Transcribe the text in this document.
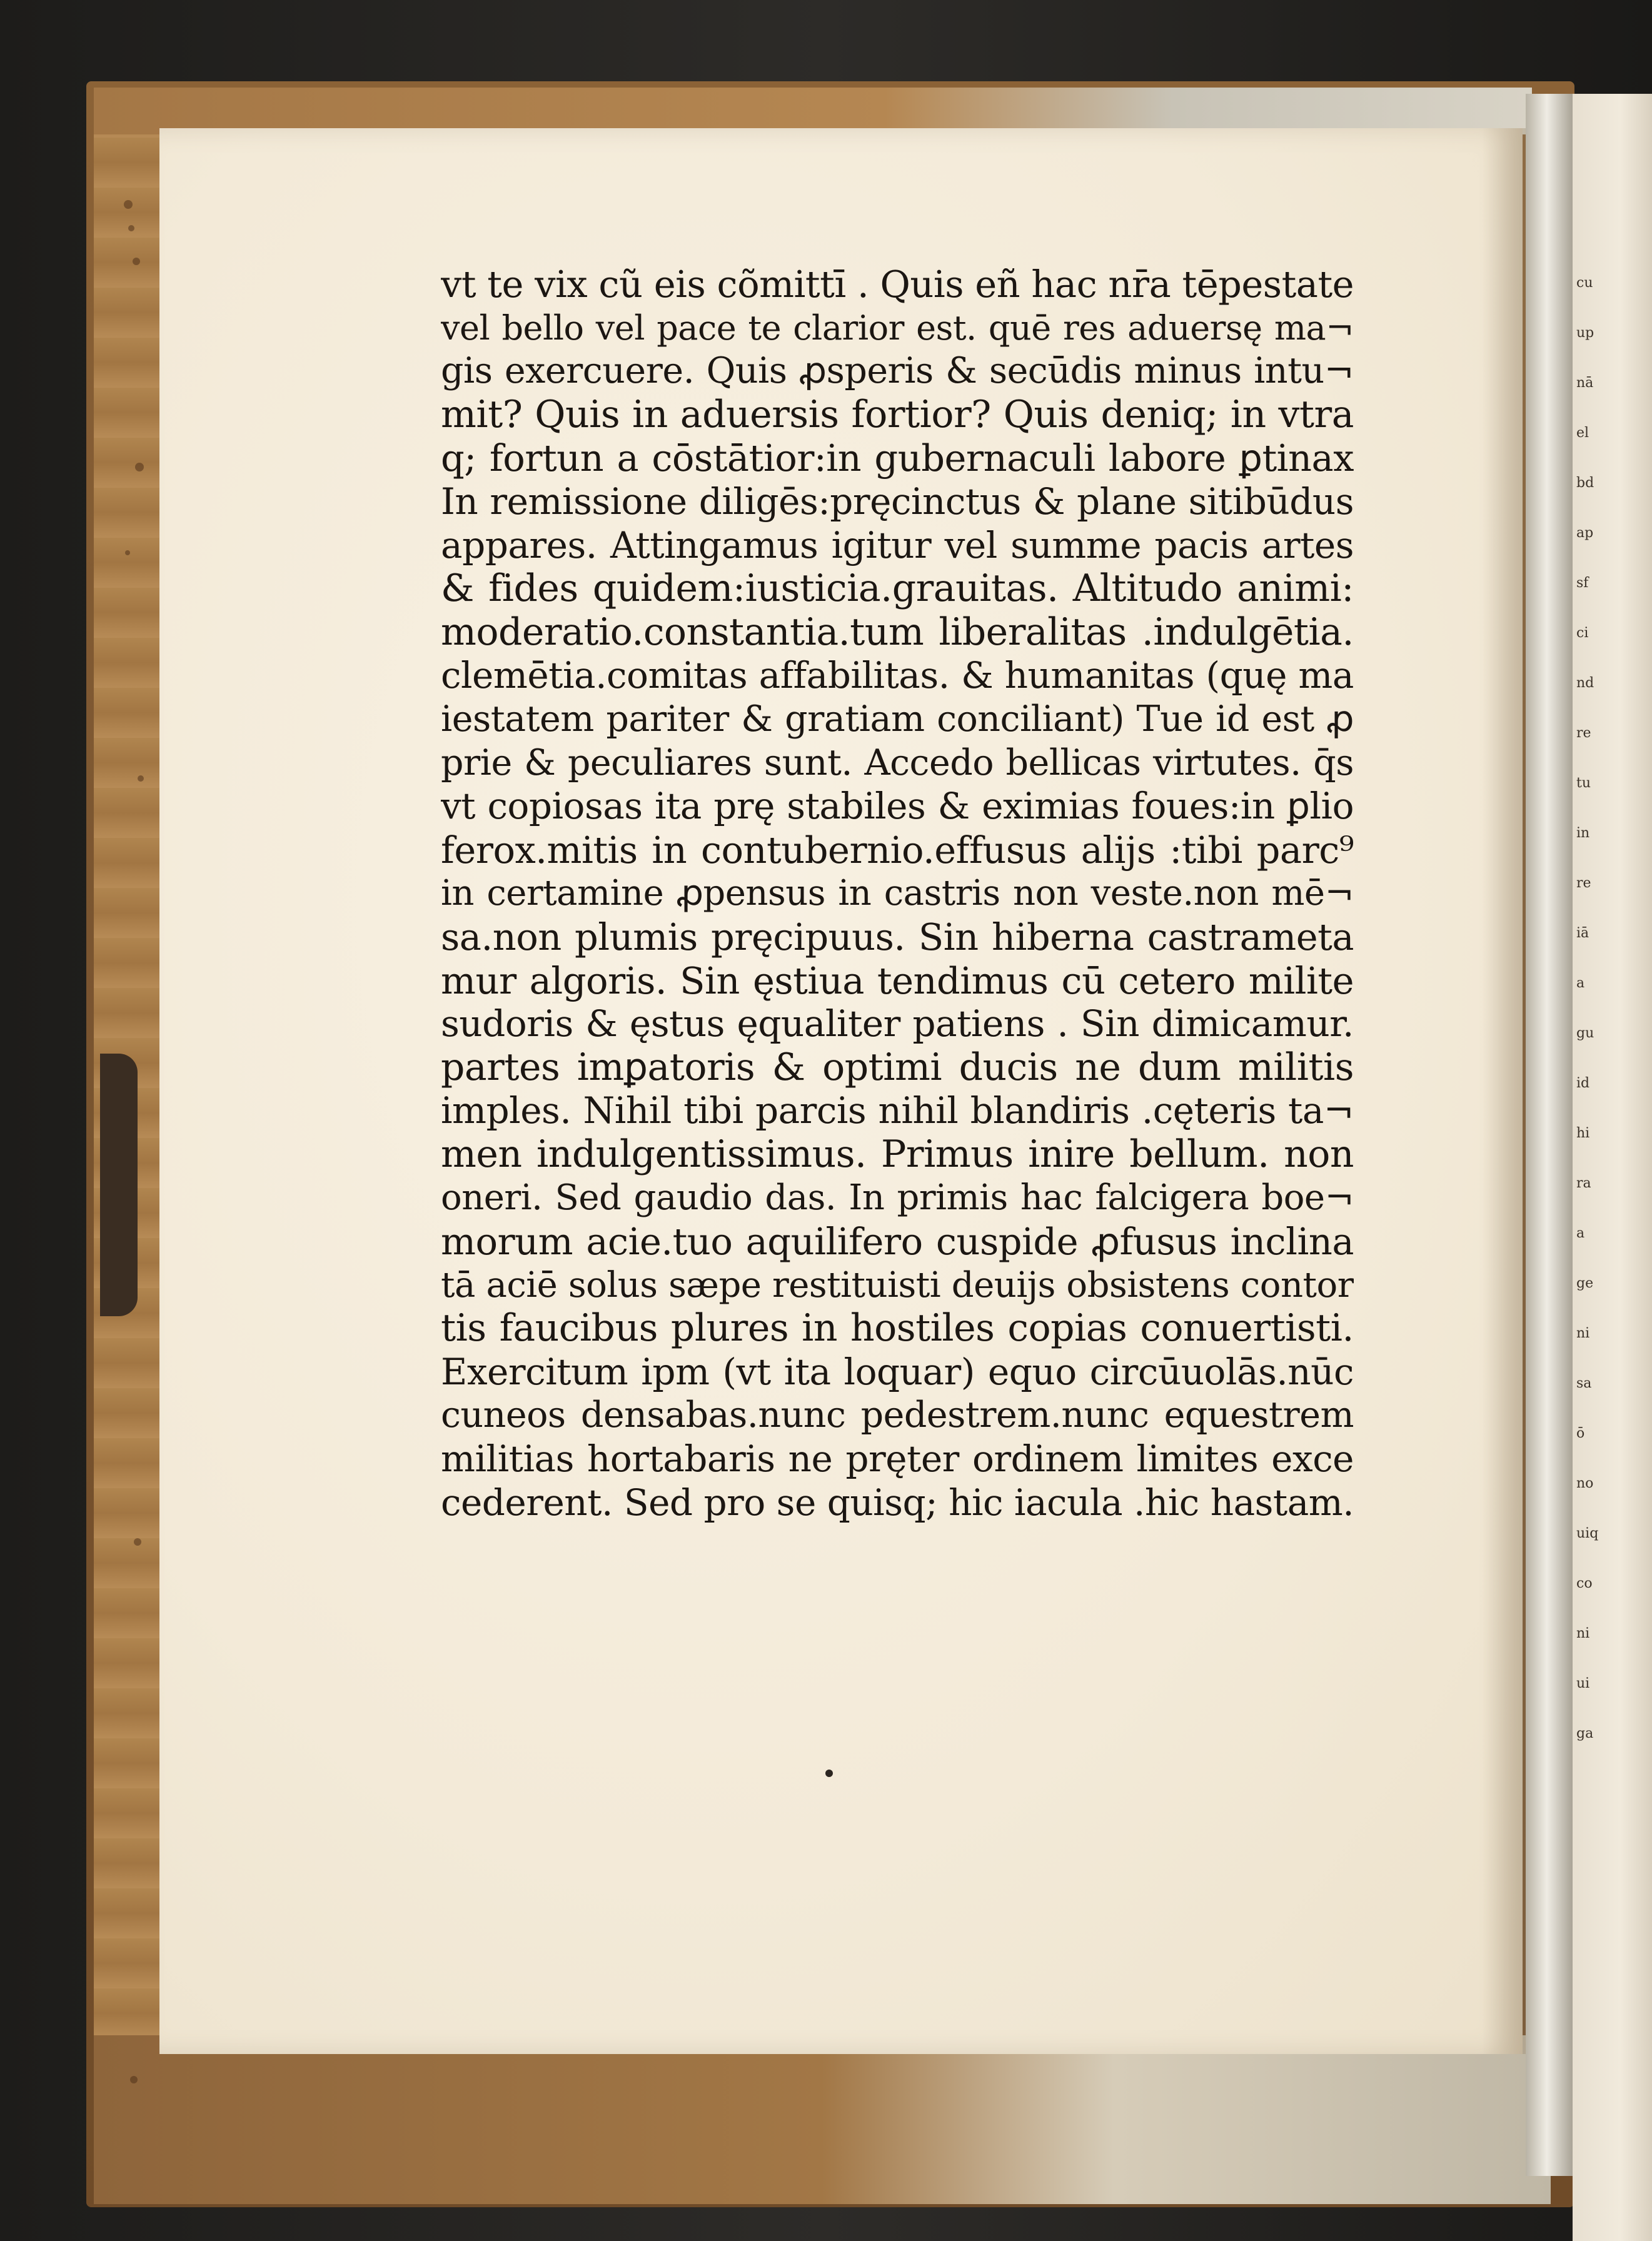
cu
up
nā
el
bd
ap
sf
ci
nd
re
tu
in
re
iā
a
gu
id
hi
ra
a
ge
ni
sa
ō
no
uiq
co
ni
ui
ga
vt te vix cũ eis cõmittī . Quis eñ hac nr̄a tēpestate
vel bello vel pace te clarior est. quē res aduersę ma¬
gis exercuere. Quis ꝓsperis & secūdis minus intu¬
mit? Quis in aduersis fortior? Quis deniq; in vtra
q; fortun a cōstātior:in gubernaculi labore ꝑtinax
In remissione diligēs:pręcinctus & plane sitibūdus
appares. Attingamus igitur vel summe pacis artes
& fides quidem:iusticia.grauitas. Altitudo animi:
moderatio.constantia.tum liberalitas .indulgētia.
clemētia.comitas affabilitas. & humanitas (quę ma
iestatem pariter & gratiam conciliant) Tue id est ꝓ
prie & peculiares sunt. Accedo bellicas virtutes. q̄s
vt copiosas ita prę stabiles & eximias foues:in ꝑlio
ferox.mitis in contubernio.effusus alijs :tibi parc⁹
in certamine ꝓpensus in castris non veste.non mē¬
sa.non plumis pręcipuus. Sin hiberna castrameta
mur algoris. Sin ęstiua tendimus cū cetero milite
sudoris & ęstus ęqualiter patiens . Sin dimicamur.
partes imꝑatoris & optimi ducis ne dum militis
imples. Nihil tibi parcis nihil blandiris .cęteris ta¬
men indulgentissimus. Primus inire bellum. non
oneri. Sed gaudio das. In primis hac falcigera boe¬
morum acie.tuo aquilifero cuspide ꝓfusus inclina
tā aciē solus sæpe restituisti deuijs obsistens contor
tis faucibus plures in hostiles copias conuertisti.
Exercitum ipm (vt ita loquar) equo circūuolās.nūc
cuneos densabas.nunc pedestrem.nunc equestrem
militias hortabaris ne pręter ordinem limites exce
cederent. Sed pro se quisq; hic iacula .hic hastam.
